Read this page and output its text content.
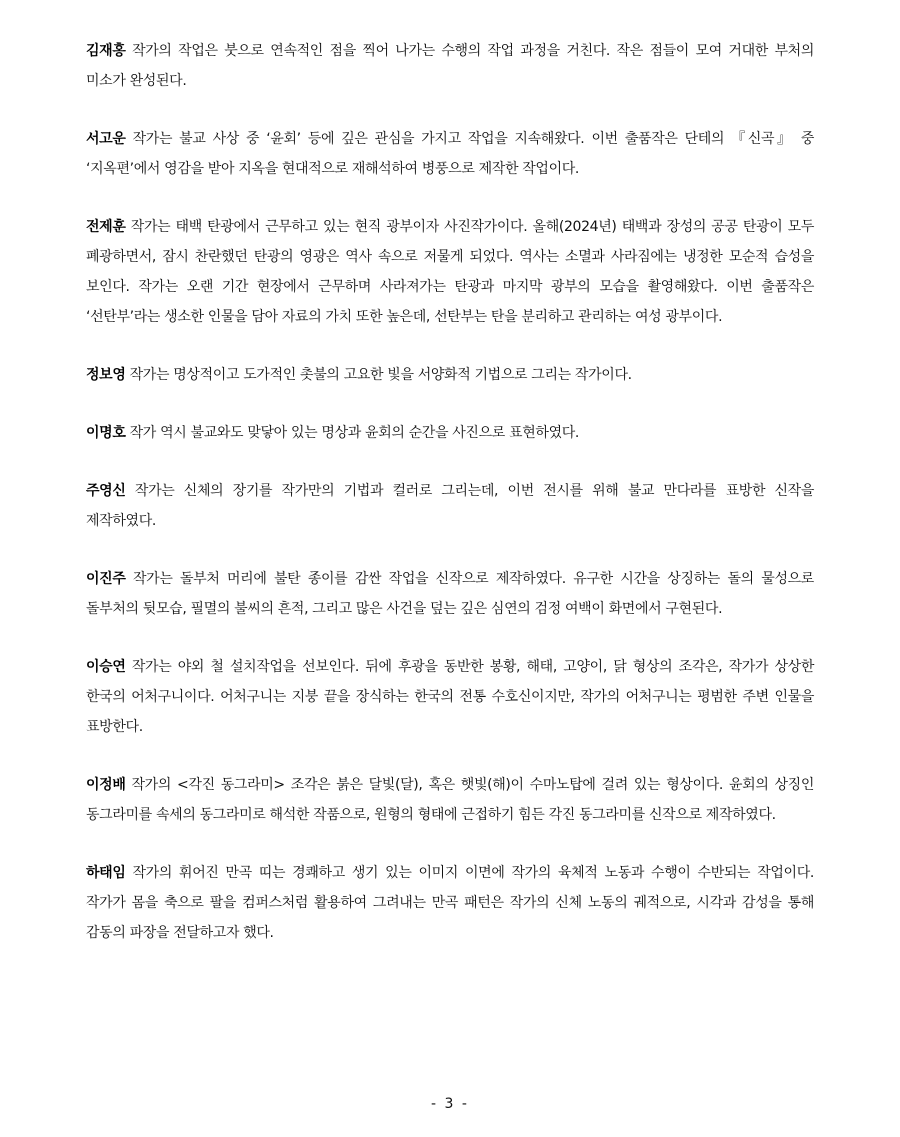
김재홍 작가의 작업은 붓으로 연속적인 점을 찍어 나가는 수행의 작업 과정을 거친다. 작은 점들이 모여 거대한 부처의 미소가 완성된다.

서고운 작가는 불교 사상 중 ‘윤회’ 등에 깊은 관심을 가지고 작업을 지속해왔다. 이번 출품작은 단테의 『신곡』 중 ‘지옥편’에서 영감을 받아 지옥을 현대적으로 재해석하여 병풍으로 제작한 작업이다.

전제훈 작가는 태백 탄광에서 근무하고 있는 현직 광부이자 사진작가이다. 올해(2024년) 태백과 장성의 공공 탄광이 모두 폐광하면서, 잠시 찬란했던 탄광의 영광은 역사 속으로 저물게 되었다. 역사는 소멸과 사라짐에는 냉정한 모순적 습성을 보인다. 작가는 오랜 기간 현장에서 근무하며 사라져가는 탄광과 마지막 광부의 모습을 촬영해왔다. 이번 출품작은 ‘선탄부’라는 생소한 인물을 담아 자료의 가치 또한 높은데, 선탄부는 탄을 분리하고 관리하는 여성 광부이다.

정보영 작가는 명상적이고 도가적인 촛불의 고요한 빛을 서양화적 기법으로 그리는 작가이다.

이명호 작가 역시 불교와도 맞닿아 있는 명상과 윤회의 순간을 사진으로 표현하였다.

주영신 작가는 신체의 장기를 작가만의 기법과 컬러로 그리는데, 이번 전시를 위해 불교 만다라를 표방한 신작을 제작하였다.

이진주 작가는 돌부처 머리에 불탄 종이를 감싼 작업을 신작으로 제작하였다. 유구한 시간을 상징하는 돌의 물성으로 돌부처의 뒷모습, 필멸의 불씨의 흔적, 그리고 많은 사건을 덮는 깊은 심연의 검정 여백이 화면에서 구현된다.

이승연 작가는 야외 철 설치작업을 선보인다. 뒤에 후광을 동반한 봉황, 해태, 고양이, 닭 형상의 조각은, 작가가 상상한 한국의 어처구니이다. 어처구니는 지붕 끝을 장식하는 한국의 전통 수호신이지만, 작가의 어처구니는 평범한 주변 인물을 표방한다.

이정배 작가의 <각진 동그라미> 조각은 붉은 달빛(달), 혹은 햇빛(해)이 수마노탑에 걸려 있는 형상이다. 윤회의 상징인 동그라미를 속세의 동그라미로 해석한 작품으로, 원형의 형태에 근접하기 힘든 각진 동그라미를 신작으로 제작하였다.

하태임 작가의 휘어진 만곡 띠는 경쾌하고 생기 있는 이미지 이면에 작가의 육체적 노동과 수행이 수반되는 작업이다. 작가가 몸을 축으로 팔을 컴퍼스처럼 활용하여 그려내는 만곡 패턴은 작가의 신체 노동의 궤적으로, 시각과 감성을 통해 감동의 파장을 전달하고자 했다.

- 3 -
